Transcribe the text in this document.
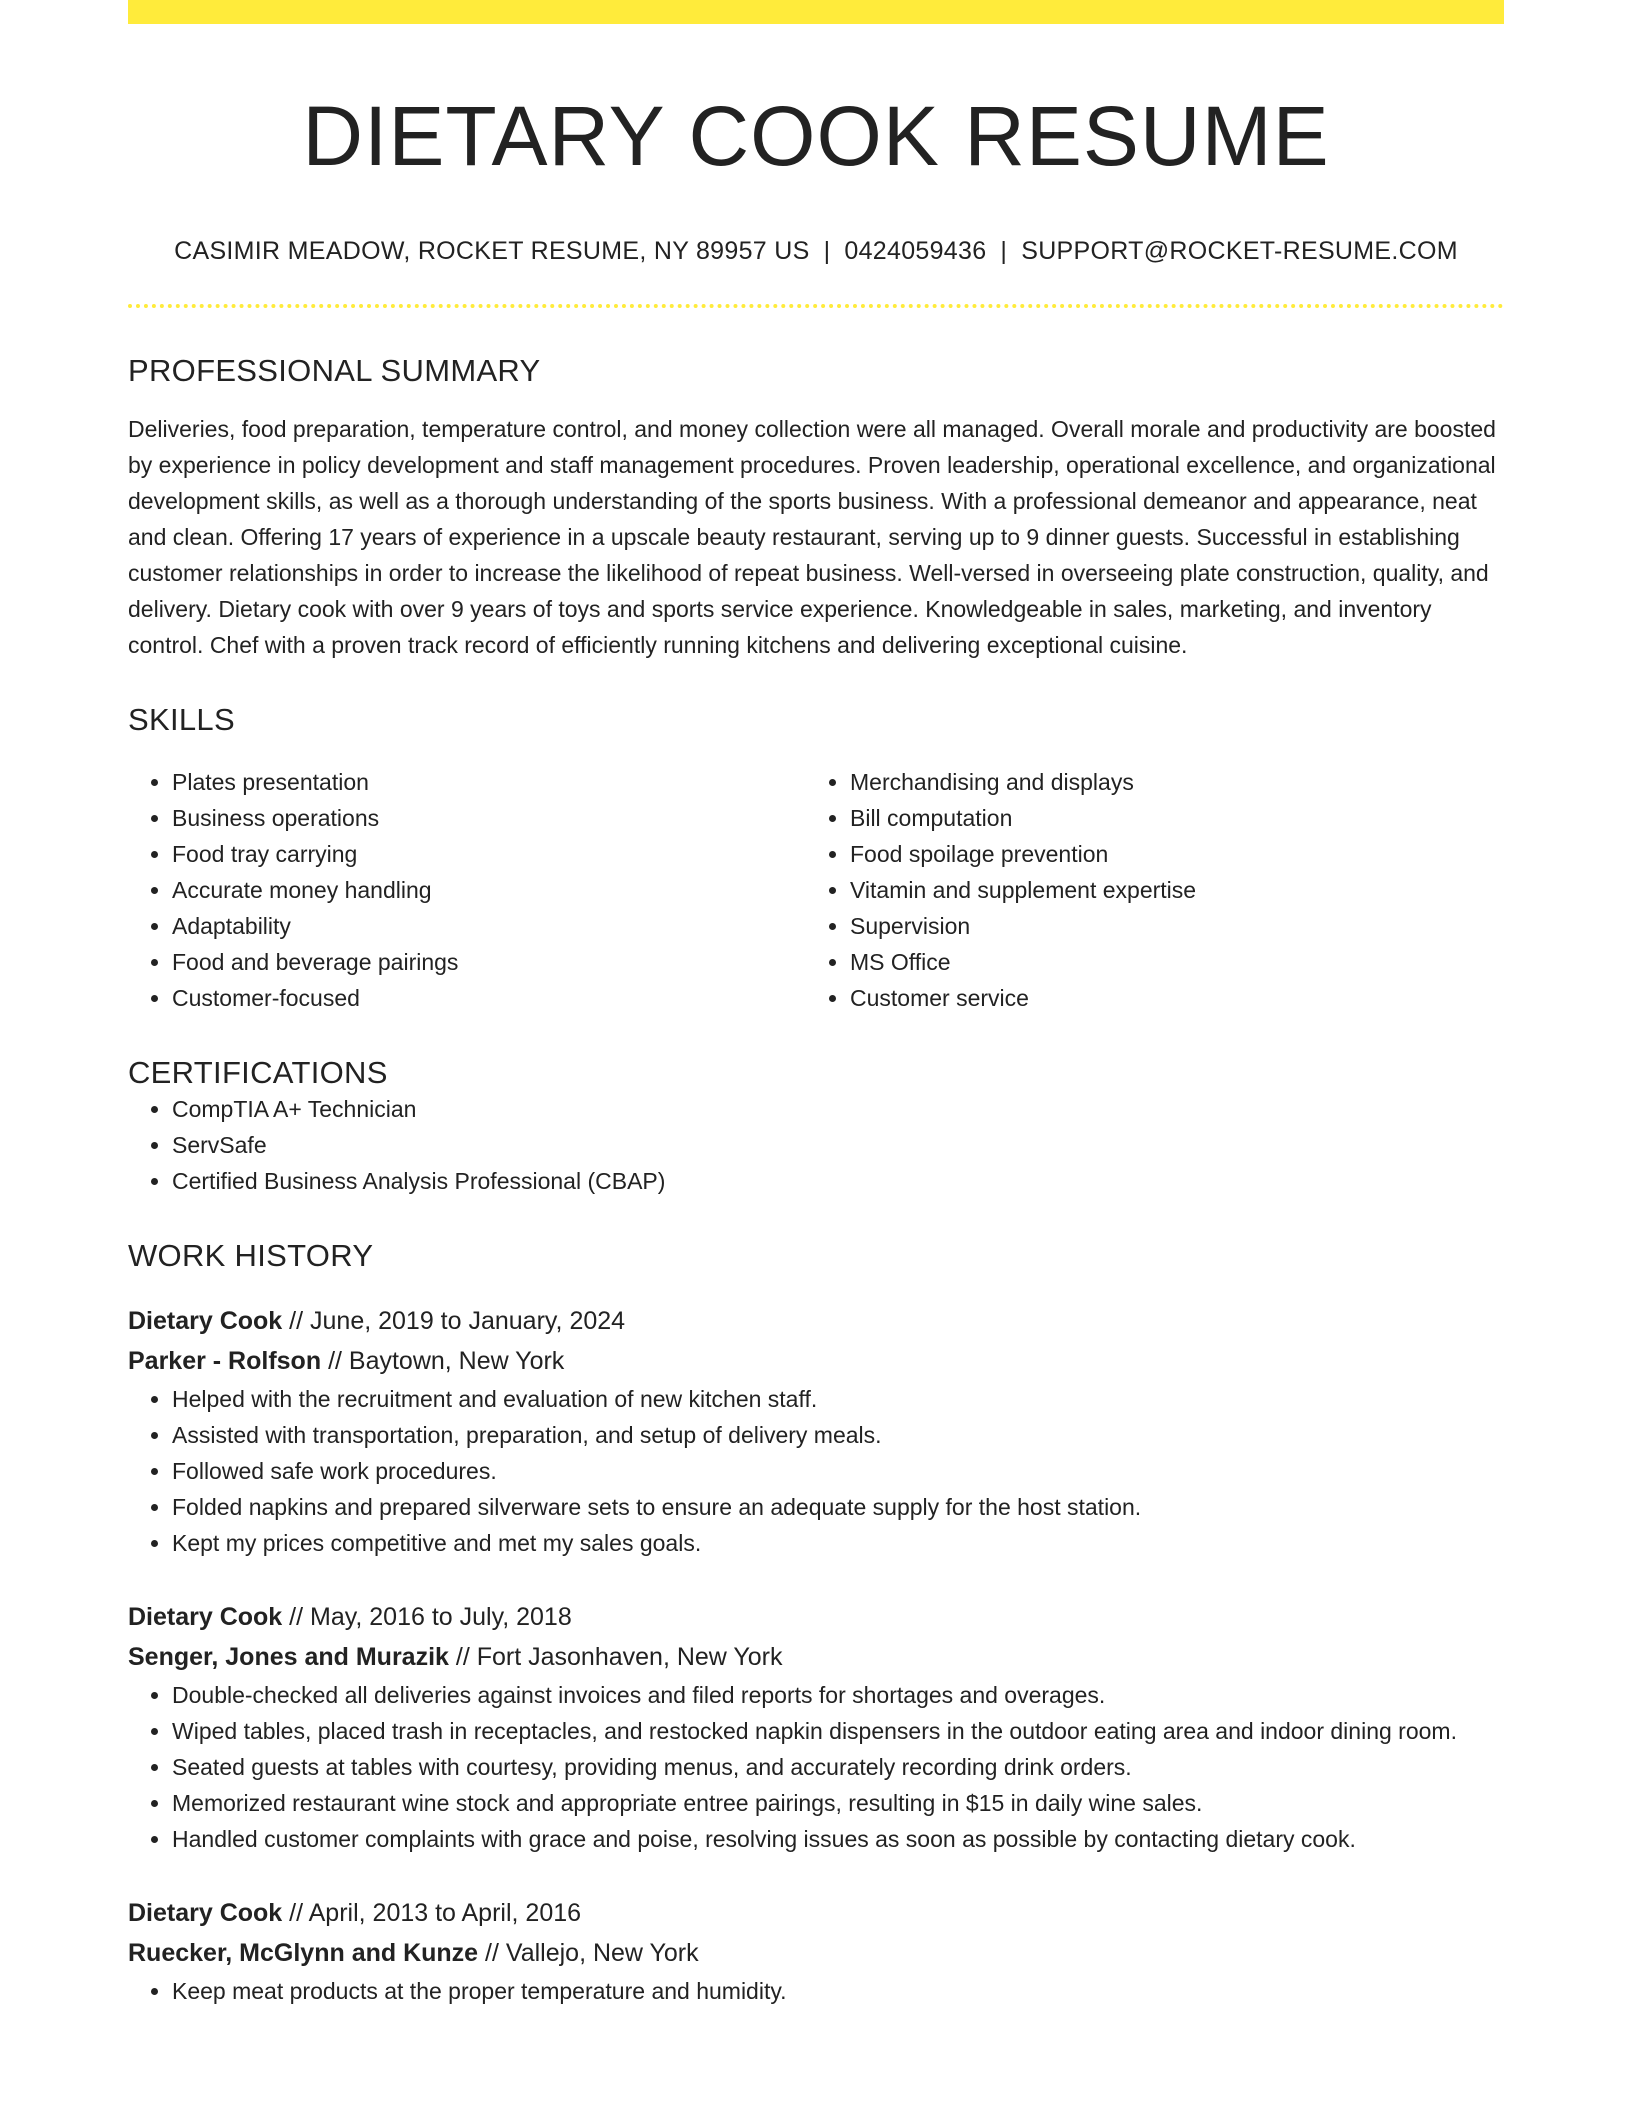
DIETARY COOK RESUME
CASIMIR MEADOW, ROCKET RESUME, NY 89957 US | 0424059436 | SUPPORT@ROCKET-RESUME.COM
PROFESSIONAL SUMMARY

Deliveries, food preparation, temperature control, and money collection were all managed. Overall morale and productivity are boosted by experience in policy development and staff management procedures. Proven leadership, operational excellence, and organizational development skills, as well as a thorough understanding of the sports business. With a professional demeanor and appearance, neat and clean. Offering 17 years of experience in a upscale beauty restaurant, serving up to 9 dinner guests. Successful in establishing customer relationships in order to increase the likelihood of repeat business. Well-versed in overseeing plate construction, quality, and delivery. Dietary cook with over 9 years of toys and sports service experience. Knowledgeable in sales, marketing, and inventory control. Chef with a proven track record of efficiently running kitchens and delivering exceptional cuisine.

SKILLS
• Plates presentation
• Business operations
• Food tray carrying
• Accurate money handling
• Adaptability
• Food and beverage pairings
• Customer-focused
• Merchandising and displays
• Bill computation
• Food spoilage prevention
• Vitamin and supplement expertise
• Supervision
• MS Office
• Customer service
CERTIFICATIONS
• CompTIA A+ Technician
• ServSafe
• Certified Business Analysis Professional (CBAP)
WORK HISTORY
Dietary Cook // June, 2019 to January, 2024
Parker - Rolfson // Baytown, New York
• Helped with the recruitment and evaluation of new kitchen staff.
• Assisted with transportation, preparation, and setup of delivery meals.
• Followed safe work procedures.
• Folded napkins and prepared silverware sets to ensure an adequate supply for the host station.
• Kept my prices competitive and met my sales goals.
Dietary Cook // May, 2016 to July, 2018
Senger, Jones and Murazik // Fort Jasonhaven, New York
• Double-checked all deliveries against invoices and filed reports for shortages and overages.
• Wiped tables, placed trash in receptacles, and restocked napkin dispensers in the outdoor eating area and indoor dining room.
• Seated guests at tables with courtesy, providing menus, and accurately recording drink orders.
• Memorized restaurant wine stock and appropriate entree pairings, resulting in $15 in daily wine sales.
• Handled customer complaints with grace and poise, resolving issues as soon as possible by contacting dietary cook.
Dietary Cook // April, 2013 to April, 2016
Ruecker, McGlynn and Kunze // Vallejo, New York
• Keep meat products at the proper temperature and humidity.
